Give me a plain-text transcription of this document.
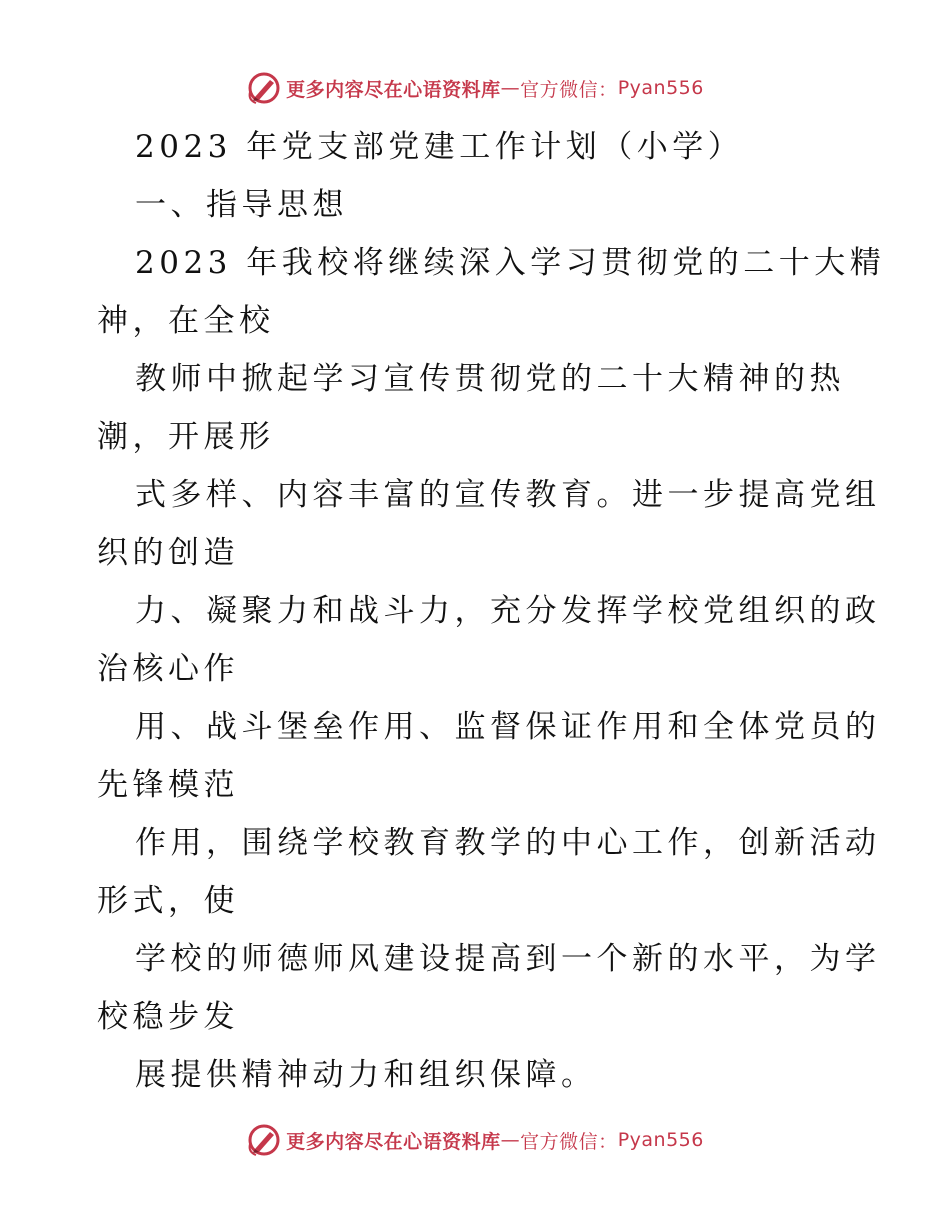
更多内容尽在心语资料库 — 官方微信： Pyan556
2023 年党支部党建工作计划（小学）
一、指导思想
2023 年我校将继续深入学习贯彻党的二十大精
神，在全校
教师中掀起学习宣传贯彻党的二十大精神的热
潮，开展形
式多样、内容丰富的宣传教育。进一步提高党组
织的创造
力、凝聚力和战斗力，充分发挥学校党组织的政
治核心作
用、战斗堡垒作用、监督保证作用和全体党员的
先锋模范
作用，围绕学校教育教学的中心工作，创新活动
形式，使
学校的师德师风建设提高到一个新的水平，为学
校稳步发
展提供精神动力和组织保障。
更多内容尽在心语资料库 — 官方微信： Pyan556
